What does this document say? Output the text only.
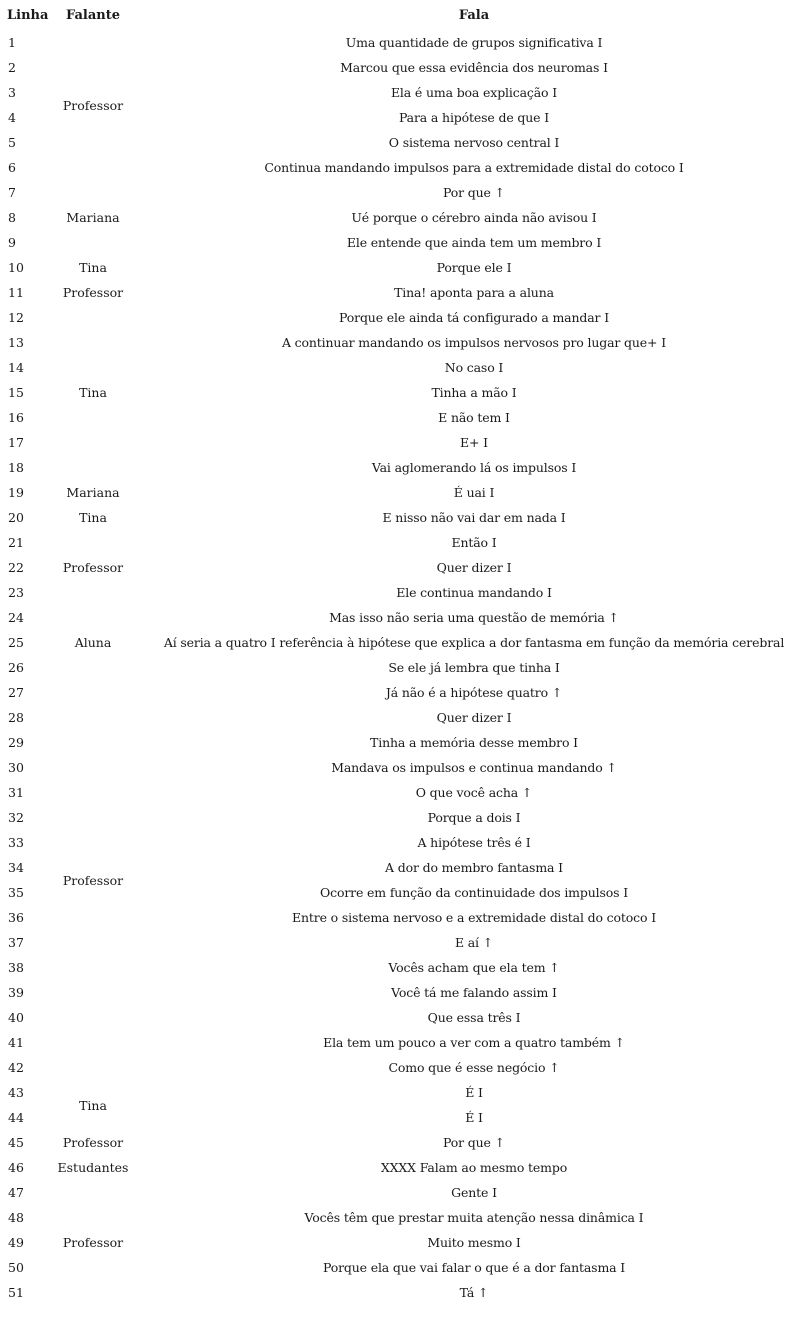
Linha	Falante	Fala
1	Professor	Uma quantidade de grupos significativa I
2		Marcou que essa evidência dos neuromas I
3		Ela é uma boa explicação I
4		Para a hipótese de que I
5		O sistema nervoso central I
6		Continua mandando impulsos para a extremidade distal do cotoco I
7	Mariana	Por que ↑
8		Ué porque o cérebro ainda não avisou I
9		Ele entende que ainda tem um membro I
10	Tina	Porque ele I
11	Professor	Tina! aponta para a aluna
12	Tina	Porque ele ainda tá configurado a mandar I
13		A continuar mandando os impulsos nervosos pro lugar que+ I
14		No caso I
15		Tinha a mão I
16		E não tem I
17		E+ I
18		Vai aglomerando lá os impulsos I
19	Mariana	É uai I
20	Tina	E nisso não vai dar em nada I
21	Professor	Então I
22		Quer dizer I
23		Ele continua mandando I
24	Aluna	Mas isso não seria uma questão de memória ↑
25		Aí seria a quatro I referência à hipótese que explica a dor fantasma em função da memória cerebral
26		Se ele já lembra que tinha I
27	Professor	Já não é a hipótese quatro ↑
28		Quer dizer I
29		Tinha a memória desse membro I
30		Mandava os impulsos e continua mandando ↑
31		O que você acha ↑
32		Porque a dois I
33		A hipótese três é I
34		A dor do membro fantasma I
35		Ocorre em função da continuidade dos impulsos I
36		Entre o sistema nervoso e a extremidade distal do cotoco I
37		E aí ↑
38		Vocês acham que ela tem ↑
39		Você tá me falando assim I
40		Que essa três I
41		Ela tem um pouco a ver com a quatro também ↑
42		Como que é esse negócio ↑
43	Tina	É I
44		É I
45	Professor	Por que ↑
46	Estudantes	XXXX Falam ao mesmo tempo
47	Professor	Gente I
48		Vocês têm que prestar muita atenção nessa dinâmica I
49		Muito mesmo I
50		Porque ela que vai falar o que é a dor fantasma I
51		Tá ↑
